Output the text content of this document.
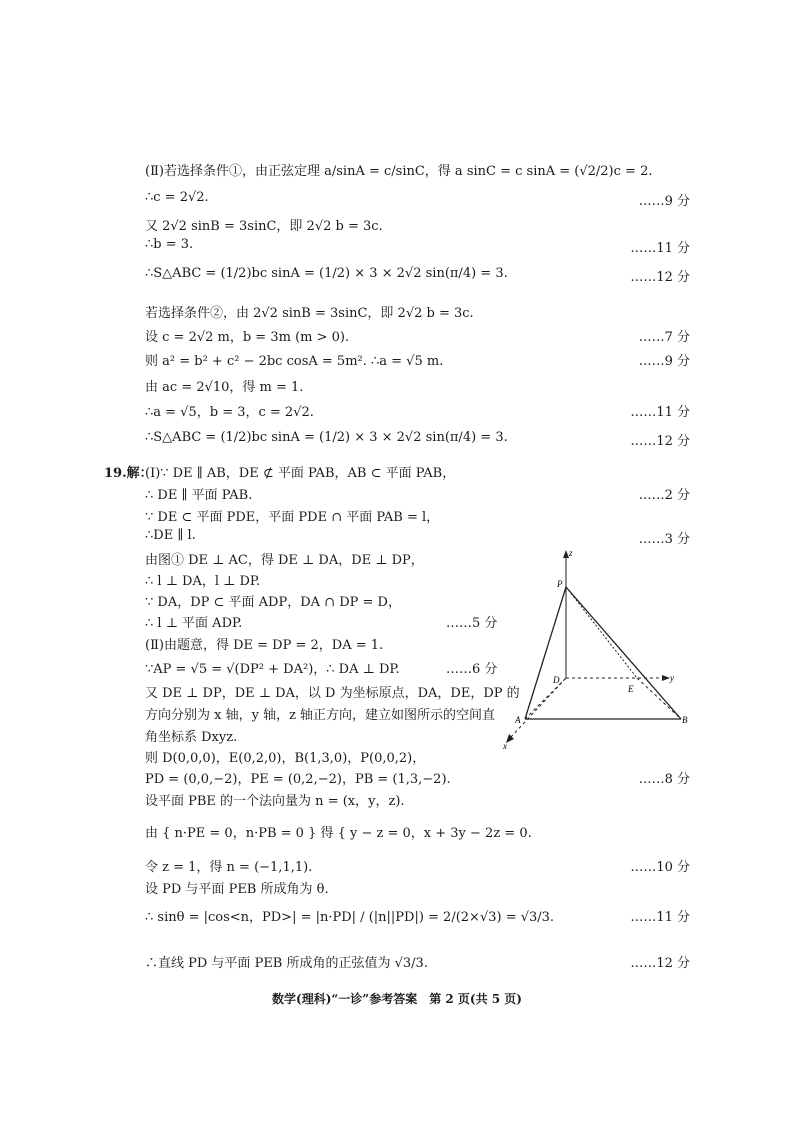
(Ⅱ)若选择条件①，由正弦定理 a/sinA = c/sinC，得 a sinC = c sinA = (√2/2)c = 2.
∴c = 2√2.	……9 分
又 2√2 sinB = 3sinC，即 2√2 b = 3c.
∴b = 3.	……11 分
∴S△ABC = (1/2)bc sinA = (1/2) × 3 × 2√2 sin(π/4) = 3.	……12 分
若选择条件②，由 2√2 sinB = 3sinC，即 2√2 b = 3c.
设 c = 2√2 m，b = 3m (m > 0).	……7 分
则 a² = b² + c² − 2bc cosA = 5m². ∴a = √5 m.	……9 分
由 ac = 2√10，得 m = 1.
∴a = √5，b = 3，c = 2√2.	……11 分
∴S△ABC = (1/2)bc sinA = (1/2) × 3 × 2√2 sin(π/4) = 3.	……12 分
19.解：
(Ⅰ)∵ DE ∥ AB，DE ⊄ 平面 PAB，AB ⊂ 平面 PAB，
∴ DE ∥ 平面 PAB.	……2 分
∵ DE ⊂ 平面 PDE，平面 PDE ∩ 平面 PAB = l，
∴DE ∥ l.	……3 分
由图① DE ⊥ AC，得 DE ⊥ DA，DE ⊥ DP，
∴ l ⊥ DA，l ⊥ DP.
∵ DA，DP ⊂ 平面 ADP，DA ∩ DP = D，
∴ l ⊥ 平面 ADP.	……5 分
(Ⅱ)由题意，得 DE = DP = 2，DA = 1.
∵AP = √5 = √(DP² + DA²)，∴ DA ⊥ DP.	……6 分
又 DE ⊥ DP，DE ⊥ DA，以 D 为坐标原点，DA，DE，DP 的
方向分别为 x 轴，y 轴，z 轴正方向，建立如图所示的空间直
角坐标系 Dxyz.
则 D(0,0,0)，E(0,2,0)，B(1,3,0)，P(0,0,2)，
PD = (0,0,−2)，PE = (0,2,−2)，PB = (1,3,−2).	……8 分
设平面 PBE 的一个法向量为 n = (x，y，z).
由 { n·PE = 0，n·PB = 0 } 得 { y − z = 0，x + 3y − 2z = 0.
令 z = 1，得 n = (−1,1,1).	……10 分
设 PD 与平面 PEB 所成角为 θ.
∴ sinθ = |cos<n，PD>| = |n·PD| / (|n||PD|) = 2/(2×√3) = √3/3.	……11 分
∴直线 PD 与平面 PEB 所成角的正弦值为 √3/3.	……12 分
z
P
D
E
y
A	B
x
数学(理科)“一诊”参考答案　第 2 页(共 5 页)
